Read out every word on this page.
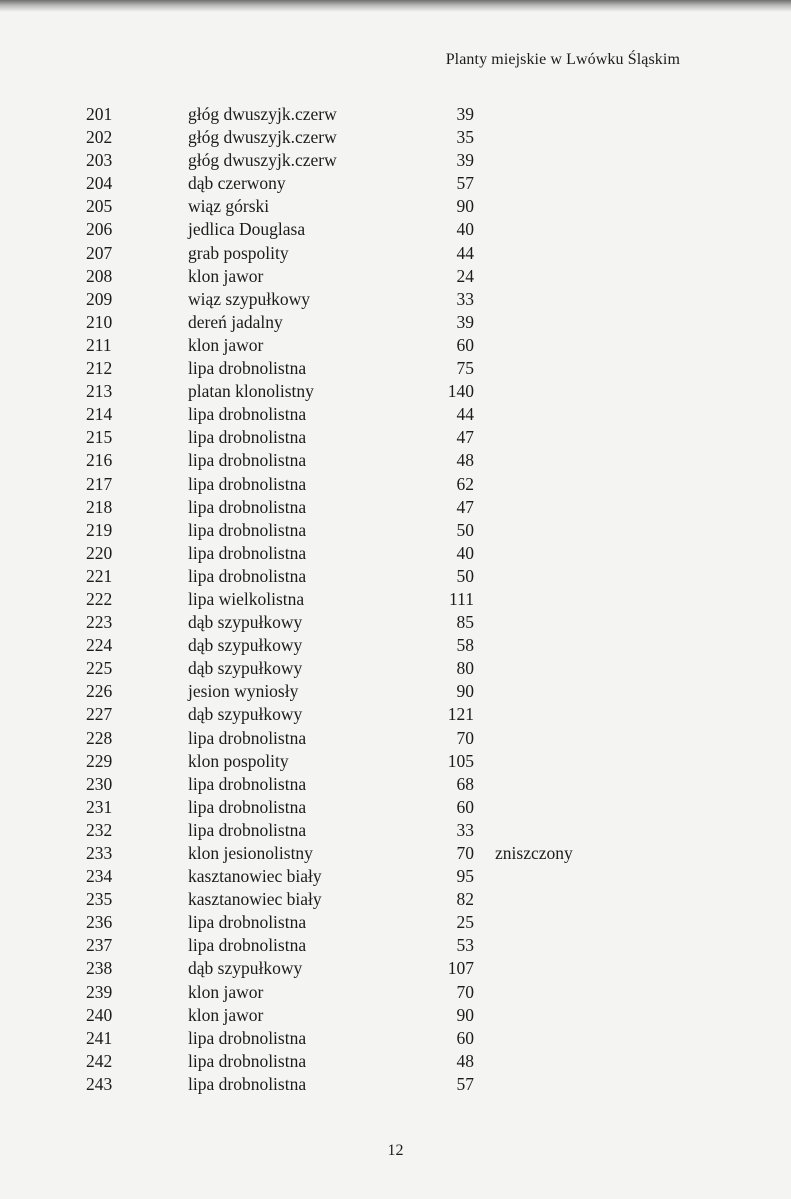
Planty miejskie w Lwówku Śląskim
201	głóg dwuszyjk.czerw	39
202	głóg dwuszyjk.czerw	35
203	głóg dwuszyjk.czerw	39
204	dąb czerwony	57
205	wiąz górski	90
206	jedlica Douglasa	40
207	grab pospolity	44
208	klon jawor	24
209	wiąz szypułkowy	33
210	dereń jadalny	39
211	klon jawor	60
212	lipa drobnolistna	75
213	platan klonolistny	140
214	lipa drobnolistna	44
215	lipa drobnolistna	47
216	lipa drobnolistna	48
217	lipa drobnolistna	62
218	lipa drobnolistna	47
219	lipa drobnolistna	50
220	lipa drobnolistna	40
221	lipa drobnolistna	50
222	lipa wielkolistna	111
223	dąb szypułkowy	85
224	dąb szypułkowy	58
225	dąb szypułkowy	80
226	jesion wyniosły	90
227	dąb szypułkowy	121
228	lipa drobnolistna	70
229	klon pospolity	105
230	lipa drobnolistna	68
231	lipa drobnolistna	60
232	lipa drobnolistna	33
233	klon jesionolistny	70 zniszczony
234	kasztanowiec biały	95
235	kasztanowiec biały	82
236	lipa drobnolistna	25
237	lipa drobnolistna	53
238	dąb szypułkowy	107
239	klon jawor	70
240	klon jawor	90
241	lipa drobnolistna	60
242	lipa drobnolistna	48
243	lipa drobnolistna	57
12
